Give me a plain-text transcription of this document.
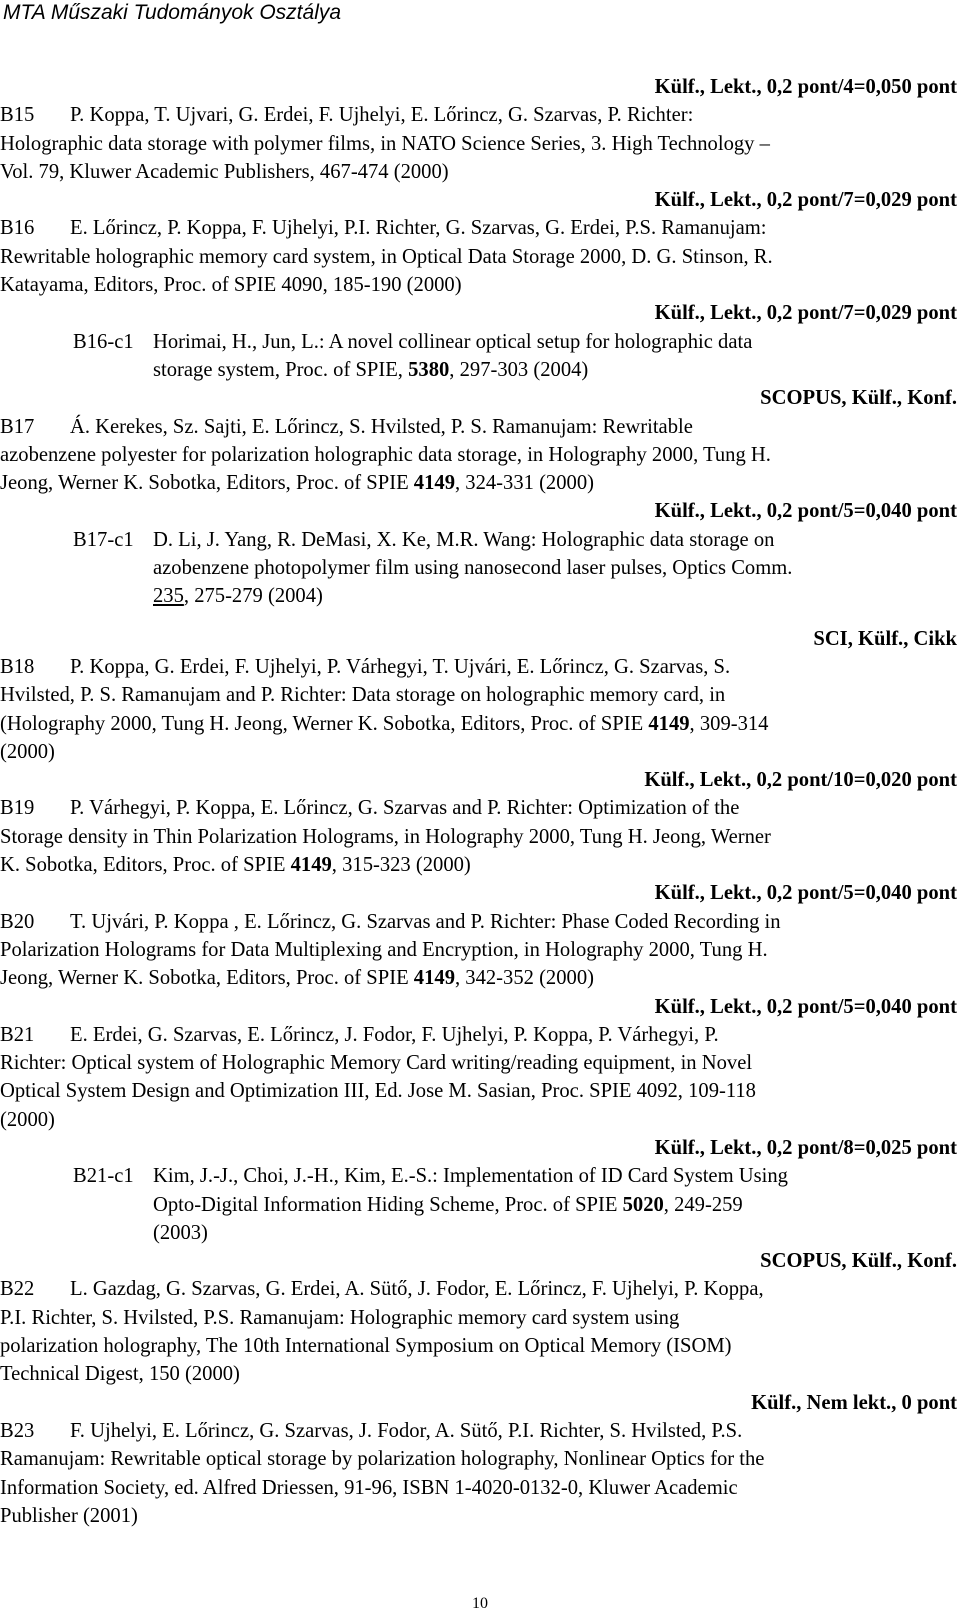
MTA Műszaki Tudományok Osztálya
Külf., Lekt., 0,2 pont/4=0,050 pont
B15 P. Koppa, T. Ujvari, G. Erdei, F. Ujhelyi, E. Lőrincz, G. Szarvas, P. Richter:
Holographic data storage with polymer films, in NATO Science Series, 3. High Technology –
Vol. 79, Kluwer Academic Publishers, 467-474 (2000)
Külf., Lekt., 0,2 pont/7=0,029 pont
B16 E. Lőrincz, P. Koppa, F. Ujhelyi, P.I. Richter, G. Szarvas, G. Erdei, P.S. Ramanujam:
Rewritable holographic memory card system, in Optical Data Storage 2000, D. G. Stinson, R.
Katayama, Editors, Proc. of SPIE 4090, 185-190 (2000)
Külf., Lekt., 0,2 pont/7=0,029 pont
B16-c1 Horimai, H., Jun, L.: A novel collinear optical setup for holographic data
storage system, Proc. of SPIE, 5380, 297-303 (2004)
SCOPUS, Külf., Konf.
B17 Á. Kerekes, Sz. Sajti, E. Lőrincz, S. Hvilsted, P. S. Ramanujam: Rewritable
azobenzene polyester for polarization holographic data storage, in Holography 2000, Tung H.
Jeong, Werner K. Sobotka, Editors, Proc. of SPIE 4149, 324-331 (2000)
Külf., Lekt., 0,2 pont/5=0,040 pont
B17-c1 D. Li, J. Yang, R. DeMasi, X. Ke, M.R. Wang: Holographic data storage on
azobenzene photopolymer film using nanosecond laser pulses, Optics Comm.
235, 275-279 (2004)
SCI, Külf., Cikk
B18 P. Koppa, G. Erdei, F. Ujhelyi, P. Várhegyi, T. Ujvári, E. Lőrincz, G. Szarvas, S.
Hvilsted, P. S. Ramanujam and P. Richter: Data storage on holographic memory card, in
(Holography 2000, Tung H. Jeong, Werner K. Sobotka, Editors, Proc. of SPIE 4149, 309-314
(2000)
Külf., Lekt., 0,2 pont/10=0,020 pont
B19 P. Várhegyi, P. Koppa, E. Lőrincz, G. Szarvas and P. Richter: Optimization of the
Storage density in Thin Polarization Holograms, in Holography 2000, Tung H. Jeong, Werner
K. Sobotka, Editors, Proc. of SPIE 4149, 315-323 (2000)
Külf., Lekt., 0,2 pont/5=0,040 pont
B20 T. Ujvári, P. Koppa , E. Lőrincz, G. Szarvas and P. Richter: Phase Coded Recording in
Polarization Holograms for Data Multiplexing and Encryption, in Holography 2000, Tung H.
Jeong, Werner K. Sobotka, Editors, Proc. of SPIE 4149, 342-352 (2000)
Külf., Lekt., 0,2 pont/5=0,040 pont
B21 E. Erdei, G. Szarvas, E. Lőrincz, J. Fodor, F. Ujhelyi, P. Koppa, P. Várhegyi, P.
Richter: Optical system of Holographic Memory Card writing/reading equipment, in Novel
Optical System Design and Optimization III, Ed. Jose M. Sasian, Proc. SPIE 4092, 109-118
(2000)
Külf., Lekt., 0,2 pont/8=0,025 pont
B21-c1 Kim, J.-J., Choi, J.-H., Kim, E.-S.: Implementation of ID Card System Using
Opto-Digital Information Hiding Scheme, Proc. of SPIE 5020, 249-259
(2003)
SCOPUS, Külf., Konf.
B22 L. Gazdag, G. Szarvas, G. Erdei, A. Sütő, J. Fodor, E. Lőrincz, F. Ujhelyi, P. Koppa,
P.I. Richter, S. Hvilsted, P.S. Ramanujam: Holographic memory card system using
polarization holography, The 10th International Symposium on Optical Memory (ISOM)
Technical Digest, 150 (2000)
Külf., Nem lekt., 0 pont
B23 F. Ujhelyi, E. Lőrincz, G. Szarvas, J. Fodor, A. Sütő, P.I. Richter, S. Hvilsted, P.S.
Ramanujam: Rewritable optical storage by polarization holography, Nonlinear Optics for the
Information Society, ed. Alfred Driessen, 91-96, ISBN 1-4020-0132-0, Kluwer Academic
Publisher (2001)
10
